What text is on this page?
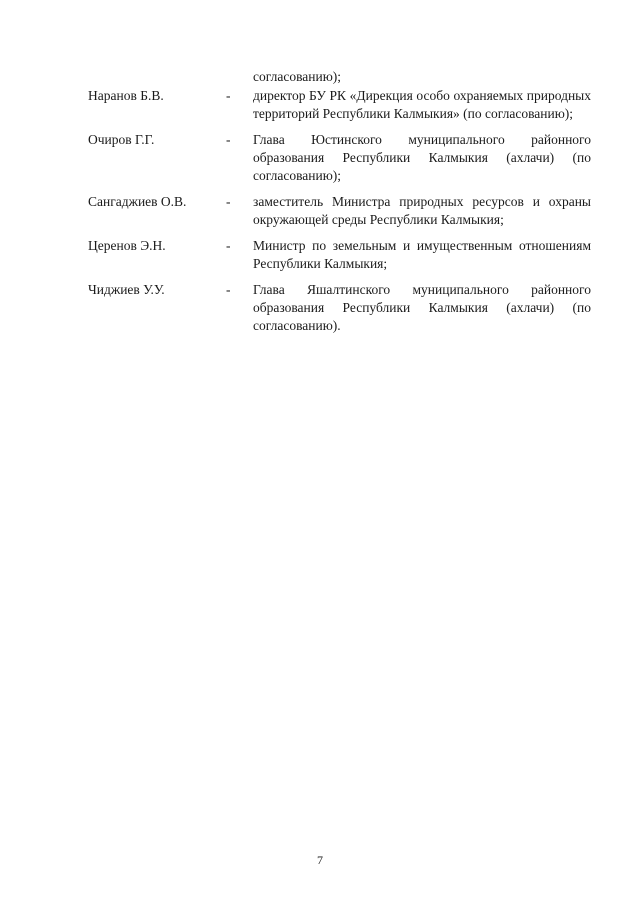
согласованию);
Наранов Б.В.	-	директор БУ РК «Дирекция особо охраняемых природных территорий Республики Калмыкия» (по согласованию);
Очиров Г.Г.	-	Глава Юстинского муниципального районного образования Республики Калмыкия (ахлачи) (по согласованию);
Сангаджиев О.В.	-	заместитель Министра природных ресурсов и охраны окружающей среды Республики Калмыкия;
Церенов Э.Н.	-	Министр по земельным и имущественным отношениям Республики Калмыкия;
Чиджиев У.У.	-	Глава Яшалтинского муниципального районного образования Республики Калмыкия (ахлачи) (по согласованию).
7
